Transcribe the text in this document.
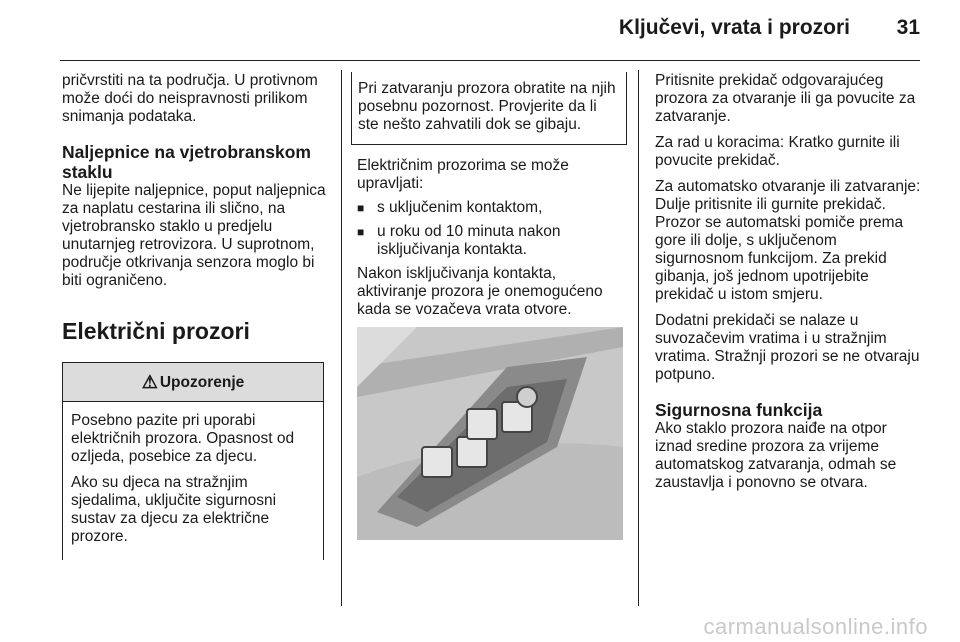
Ključevi, vrata i prozori 31

pričvrstiti na ta područja. U protivnom može doći do neispravnosti prilikom snimanja podataka.

Naljepnice na vjetrobranskom staklu

Ne lijepite naljepnice, poput naljepnica za naplatu cestarina ili slično, na vjetrobransko staklo u predjelu unutarnjeg retrovizora. U suprotnom, područje otkrivanja senzora moglo bi biti ograničeno.

Električni prozori
⚠ Upozorenje

Posebno pazite pri uporabi električnih prozora. Opasnost od ozljeda, posebice za djecu.

Ako su djeca na stražnjim sjedalima, uključite sigurnosni sustav za djecu za električne prozore.

Pri zatvaranju prozora obratite na njih posebnu pozornost. Provjerite da li ste nešto zahvatili dok se gibaju.

Električnim prozorima se može upravljati:

■ s uključenim kontaktom,
■ u roku od 10 minuta nakon isključivanja kontakta.

Nakon isključivanja kontakta, aktiviranje prozora je onemogućeno kada se vozačeva vrata otvore.

Pritisnite prekidač odgovarajućeg prozora za otvaranje ili ga povucite za zatvaranje.

Za rad u koracima: Kratko gurnite ili povucite prekidač.

Za automatsko otvaranje ili zatvaranje: Dulje pritisnite ili gurnite prekidač. Prozor se automatski pomiče prema gore ili dolje, s uključenom sigurnosnom funkcijom. Za prekid gibanja, još jednom upotrijebite prekidač u istom smjeru.

Dodatni prekidači se nalaze u suvozačevim vratima i u stražnjim vratima. Stražnji prozori se ne otvaraju potpuno.

Sigurnosna funkcija

Ako staklo prozora naiđe na otpor iznad sredine prozora za vrijeme automatskog zatvaranja, odmah se zaustavlja i ponovno se otvara.

carmanualsonline.info
